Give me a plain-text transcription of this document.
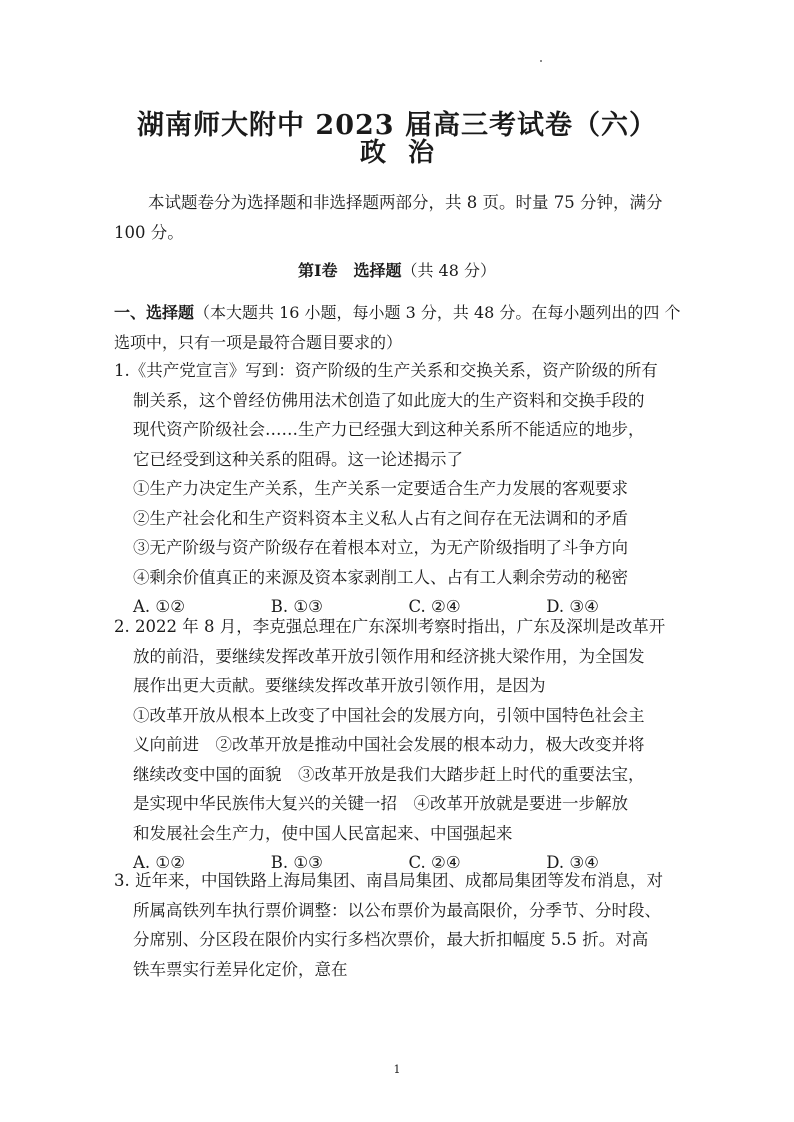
湖南师大附中 2023 届高三考试卷（六）
政治
本试题卷分为选择题和非选择题两部分，共 8 页。时量 75 分钟，满分 100 分。
第Ⅰ卷　选择题（共 48 分）
一、选择题（本大题共 16 小题，每小题 3 分，共 48 分。在每小题列出的四 个选项中，只有一项是最符合题目要求的）
1.《共产党宣言》写到：资产阶级的生产关系和交换关系，资产阶级的所有
制关系，这个曾经仿佛用法术创造了如此庞大的生产资料和交换手段的
现代资产阶级社会……生产力已经强大到这种关系所不能适应的地步，
它已经受到这种关系的阻碍。这一论述揭示了
①生产力决定生产关系，生产关系一定要适合生产力发展的客观要求
②生产社会化和生产资料资本主义私人占有之间存在无法调和的矛盾
③无产阶级与资产阶级存在着根本对立，为无产阶级指明了斗争方向
④剩余价值真正的来源及资本家剥削工人、占有工人剩余劳动的秘密
A. ①②	B. ①③	C. ②④	D. ③④
2. 2022 年 8 月，李克强总理在广东深圳考察时指出，广东及深圳是改革开
放的前沿，要继续发挥改革开放引领作用和经济挑大梁作用，为全国发
展作出更大贡献。要继续发挥改革开放引领作用，是因为
①改革开放从根本上改变了中国社会的发展方向，引领中国特色社会主
义向前进　②改革开放是推动中国社会发展的根本动力，极大改变并将
继续改变中国的面貌　③改革开放是我们大踏步赶上时代的重要法宝，
是实现中华民族伟大复兴的关键一招　④改革开放就是要进一步解放
和发展社会生产力，使中国人民富起来、中国强起来
A. ①②	B. ①③	C. ②④	D. ③④
3. 近年来，中国铁路上海局集团、南昌局集团、成都局集团等发布消息，对
所属高铁列车执行票价调整：以公布票价为最高限价，分季节、分时段、
分席别、分区段在限价内实行多档次票价，最大折扣幅度 5.5 折。对高
铁车票实行差异化定价，意在
1
